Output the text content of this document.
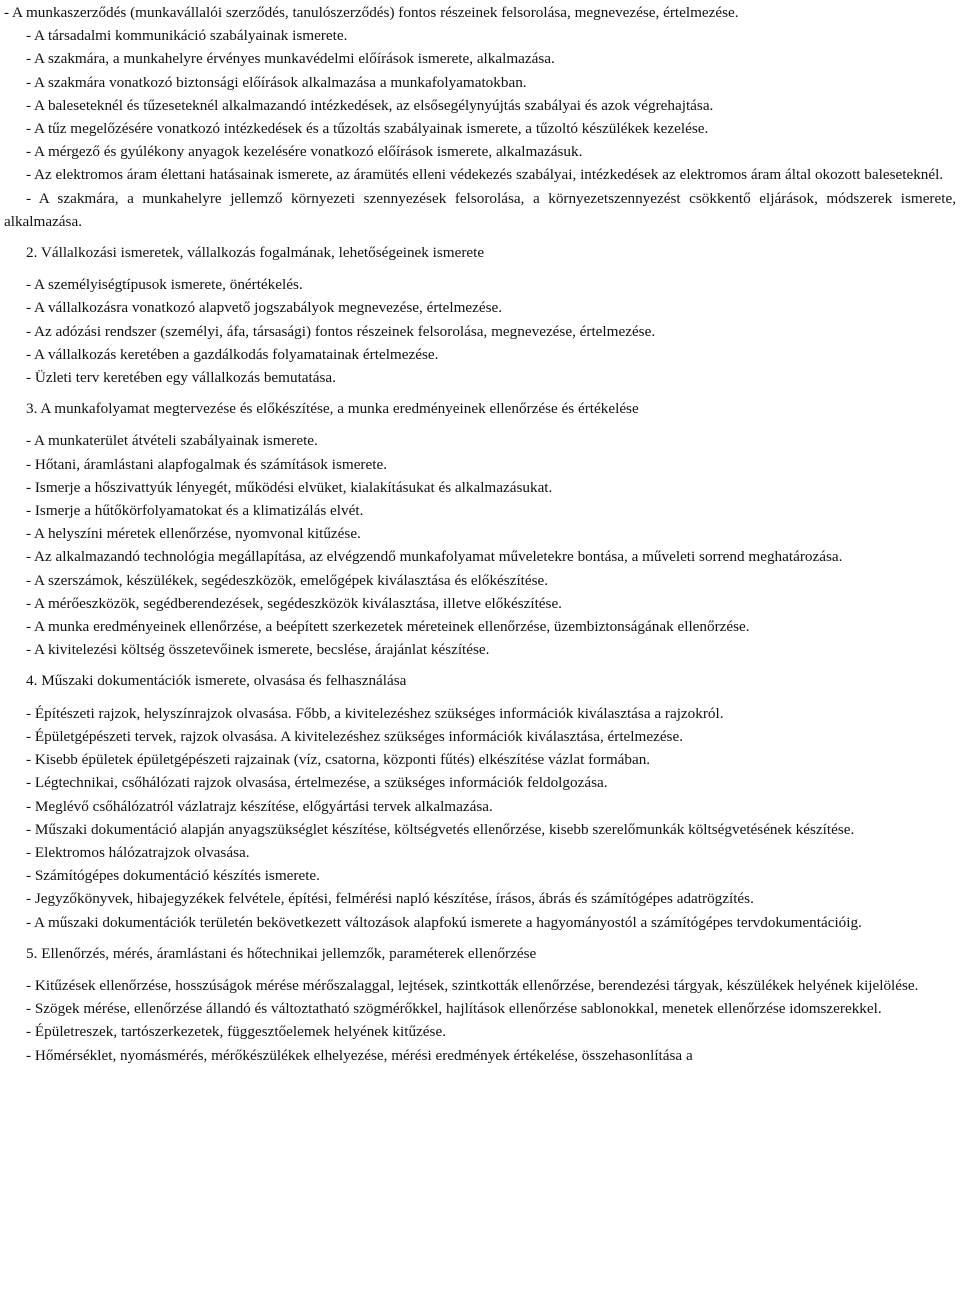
- A munkaszerződés (munkavállalói szerződés, tanulószerződés) fontos részeinek felsorolása, megnevezése, értelmezése.

- A társadalmi kommunikáció szabályainak ismerete.

- A szakmára, a munkahelyre érvényes munkavédelmi előírások ismerete, alkalmazása.

- A szakmára vonatkozó biztonsági előírások alkalmazása a munkafolyamatokban.

- A baleseteknél és tűzeseteknél alkalmazandó intézkedések, az elsősegélynyújtás szabályai és azok végrehajtása.

- A tűz megelőzésére vonatkozó intézkedések és a tűzoltás szabályainak ismerete, a tűzoltó készülékek kezelése.

- A mérgező és gyúlékony anyagok kezelésére vonatkozó előírások ismerete, alkalmazásuk.

- Az elektromos áram élettani hatásainak ismerete, az áramütés elleni védekezés szabályai, intézkedések az elektromos áram által okozott baleseteknél.

- A szakmára, a munkahelyre jellemző környezeti szennyezések felsorolása, a környezetszennyezést csökkentő eljárások, módszerek ismerete, alkalmazása.

2. Vállalkozási ismeretek, vállalkozás fogalmának, lehetőségeinek ismerete

- A személyiségtípusok ismerete, önértékelés.

- A vállalkozásra vonatkozó alapvető jogszabályok megnevezése, értelmezése.

- Az adózási rendszer (személyi, áfa, társasági) fontos részeinek felsorolása, megnevezése, értelmezése.

- A vállalkozás keretében a gazdálkodás folyamatainak értelmezése.

- Üzleti terv keretében egy vállalkozás bemutatása.

3. A munkafolyamat megtervezése és előkészítése, a munka eredményeinek ellenőrzése és értékelése

- A munkaterület átvételi szabályainak ismerete.

- Hőtani, áramlástani alapfogalmak és számítások ismerete.

- Ismerje a hőszivattyúk lényegét, működési elvüket, kialakításukat és alkalmazásukat.

- Ismerje a hűtőkörfolyamatokat és a klimatizálás elvét.

- A helyszíni méretek ellenőrzése, nyomvonal kitűzése.

- Az alkalmazandó technológia megállapítása, az elvégzendő munkafolyamat műveletekre bontása, a műveleti sorrend meghatározása.

- A szerszámok, készülékek, segédeszközök, emelőgépek kiválasztása és előkészítése.

- A mérőeszközök, segédberendezések, segédeszközök kiválasztása, illetve előkészítése.

- A munka eredményeinek ellenőrzése, a beépített szerkezetek méreteinek ellenőrzése, üzembiztonságának ellenőrzése.

- A kivitelezési költség összetevőinek ismerete, becslése, árajánlat készítése.

4. Műszaki dokumentációk ismerete, olvasása és felhasználása

- Építészeti rajzok, helyszínrajzok olvasása. Főbb, a kivitelezéshez szükséges információk kiválasztása a rajzokról.

- Épületgépészeti tervek, rajzok olvasása. A kivitelezéshez szükséges információk kiválasztása, értelmezése.

- Kisebb épületek épületgépészeti rajzainak (víz, csatorna, központi fűtés) elkészítése vázlat formában.

- Légtechnikai, csőhálózati rajzok olvasása, értelmezése, a szükséges információk feldolgozása.

- Meglévő csőhálózatról vázlatrajz készítése, előgyártási tervek alkalmazása.

- Műszaki dokumentáció alapján anyagszükséglet készítése, költségvetés ellenőrzése, kisebb szerelőmunkák költségvetésének készítése.

- Elektromos hálózatrajzok olvasása.

- Számítógépes dokumentáció készítés ismerete.

- Jegyzőkönyvek, hibajegyzékek felvétele, építési, felmérési napló készítése, írásos, ábrás és számítógépes adatrögzítés.

- A műszaki dokumentációk területén bekövetkezett változások alapfokú ismerete a hagyományostól a számítógépes tervdokumentációig.

5. Ellenőrzés, mérés, áramlástani és hőtechnikai jellemzők, paraméterek ellenőrzése

- Kitűzések ellenőrzése, hosszúságok mérése mérőszalaggal, lejtések, szintkották ellenőrzése, berendezési tárgyak, készülékek helyének kijelölése.

- Szögek mérése, ellenőrzése állandó és változtatható szögmérőkkel, hajlítások ellenőrzése sablonokkal, menetek ellenőrzése idomszerekkel.

- Épületreszek, tartószerkezetek, függesztőelemek helyének kitűzése.

- Hőmérséklet, nyomásmérés, mérőkészülékek elhelyezése, mérési eredmények értékelése, összehasonlítása a
